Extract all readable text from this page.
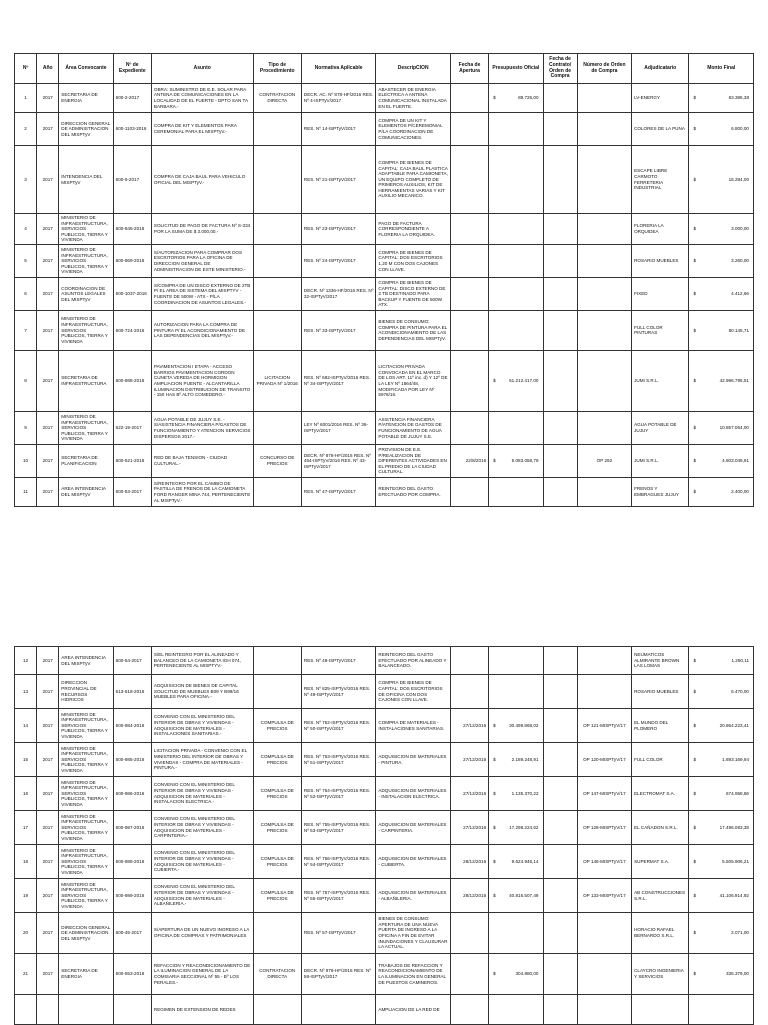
Nº	Año	Área Convocante	Nº de Expediente	Asunto	Tipo de Procedimiento	Normativa Aplicable	DescripCION	Fecha de Apertura	Presupuesto Oficial	Fecha de Contrato/ Orden de Compra	Número de Orden de Compra	Adjudicatario	Monto Final
1	2017	SECRETARIA DE ENERGIA	600-2-2017	OBRA: SUMINISTRO DE E.E. SOLAR PARA ANTENA DE COMUNICACIONES EN LA LOCALIDAD DE EL FUERTE - DPTO SAN TA BARBARA.-	CONTRATACION DIRECTA	DECR. AC. Nº 878-HF/2016 RES. Nº 4-ISPTyV/2017	ABASTECER DE ENERGIA ELECTRICA A ANTENA COMUNICACIONAL INSTALADA EN EL FUERTE.		$ 89.725,00			LV-ENERGY	$ 63.386,38

2	2017	DIRECCION GENERAL DE ADMINISTRACION DEL MISPTyV	600-1103-2016	COMPRA DE KIT Y ELEMENTOS PARA CEREMONIAL PARA EL MISPTyV.-		RES. Nº 14-ISPTyV/2017	COMPRA DE UN KIT Y ELEMENTOS P/CEREMONIAL P/LA COORDINACION DE COMUNICACIONES.					COLORES DE LA PUNA	$ 6.800,00

3	2017	INTENDENCIA DEL MISPTyV	600-6-2017	COMPRA DE CAJA BAUL PARA VEHICULO OFICIAL DEL MISPTyV.-		RES. Nº 21-ISPTyV/2017	COMPRA DE BIENES DE CAPITAL: CAJA BAUL PLASTICA ADAPTABLE PARA CAMIONETA, UN EQUIPO COMPLETO DE PRIMEROS AUXILIOS, KIT DE HERRAMIENTAS VARIAS Y KIT AUXILIO MECANICO.					ESCAPE LIBRE CARMOTO FERRETERIA INDUSTRIAL	$ 16.284,00

4	2017	MINISTERIO DE INFRAESTRUCTURA, SERVICIOS PUBLICOS, TIERRA Y VIVIENDA	600-845-2016	SOLICITUD DE PAGO DE FACTURA Nº S-334 POR LA SUMA DE $ 3.000,00.-		RES. Nº 23-ISPTyV/2017	PAGO DE FACTURA CORRESPONDIENTE A FLORERIA LA ORQUIDEA.					FLORERIA LA ORQUIDEA	$ 3.000,00

5	2017	MINISTERIO DE INFRAESTRUCTURA, SERVICIOS PUBLICOS, TIERRA Y VIVIENDA	600-869-2016	S/AUTORIZACION PARA COMPRAR DOS ESCRITORIOS PARA LA OFICINA DE DIRECCION GENERAL DE ADMINISTRACION DE ESTE MINISTERIO.-		RES. Nº 24-ISPTyV/2017	COMPRA DE BIENES DE CAPITAL: DOS ESCRITORIOS 1,20 M CON DOS CAJONES CON LLAVE.					ROSARIO MUEBLES	$ 3.260,00

6	2017	COORDINACION DE ASUNTOS LEGALES DEL MISPTyV	600-1037-2016	S/COMPRA DE UN DISCO EXTERNO DE 2TB P/ EL AREA DE SISTEMA DEL MISPTYV - FUENTE DE 500W - ATX - P/LA COORDINACION DE ASUNTOS LEGALES.-		DECR. Nº 1336-HF/2016 RES. Nº 32-ISPTyV/2017	COMPRA DE BIENES DE CAPITAL: DISCO EXTERNO DE 2 TB DESTINADO PARA BACKUP Y FUENTE DE 500W ATX.					FIXED	$ 4.412,66

7	2017	MINISTERIO DE INFRAESTRUCTURA, SERVICIOS PUBLICOS, TIERRA Y VIVIENDA	600-724-2016	AUTORIZACION PARA LA COMPRA DE PINTURA P/ EL ACONDICIONAMIENTO DE LAS DEPENDENCIAS DEL MISPTyV.-		RES. Nº 33-ISPTyV/2017	BIENES DE CONSUMO: COMPRA DE PINTURA PARA EL ACONDICIONAMIENTO DE LAS DEPENDENCIAS DEL MISPTyV.					FULL COLOR PINTURAS	$ 80.145,71

8	2017	SECRETARIA DE INFRAESTRUCTURA	600-888-2016	PAVIMENTACION I ETAPA - ACCESO BARRIOS PAVIMENTACION CORDON CUNETA VEREDA DE HORMIGON AMPLIACION PUENTE - ALCANTARILLA ILUMINACION DISTRIBUCION DE TRANSITO - 150 HAS Bº ALTO COMEDERO.-	LICITACION PRIVADA Nº 1/2016	RES. Nº 682-ISPTyV/2016 RES. Nº 34-ISPTyV/2017	LICITACION PRIVADA CONVOCADA EN EL MARCO DE LOS ART. 11º inc. d) Y 12º DE LA LEY Nº 1864/48, MODIFICADA POR LEY Nº 5978/16.		$ 51.212.417,00			JUMI S.R.L.	$ 42.996.795,51

9	2017	MINISTERIO DE INFRAESTRUCTURA, SERVICIOS PUBLICOS, TIERRA Y VIVIENDA	622-19-2017	AGUA POTABLE DE JUJUY S.E. - S/ASISTENCIA FINANCIERA P/GASTOS DE FUNCIONAMIENTO Y ATENCION SERVICIOS DISPERSOS 2017.-		LEY Nº 6001/2016 RES. Nº 36-ISPTyV/2017	ASISTENCIA FINANCIERA P/ATENCION DE GASTOS DE FUNCIONAMIENTO DE AGUA POTABLE DE JUJUY S.E.					AGUA POTABLE DE JUJUY	$ 10.857.064,00

10	2017	SECRETARIA DE PLANIFICACION	600-521-2016	RED DE BAJA TENSION - CIUDAD CULTURAL.-	CONCURSO DE PRECIOS	DECR. Nº 878-HF/2016 RES. Nº 454-ISPTyV/2016 RES. Nº 43-ISPTyV/2017	PROVISION DE E.E. P/REALIZACION DE DIFERENTES ACTIVIDADES EN EL PREDIO DE LA CIUDAD CULTURAL.	22/8/2016	$ 5.083.058,78		OP 292	JUMI S.R.L.	$ 4.803.049,91

11	2017	AREA INTENDENCIA DEL MISPTyV	600-53-2017	S/REINTEGRO POR EL CAMBIO DE PASTILLA DE FRENOS DE LA CAMIONETA FORD RANGER MINA 744, PERTENECIENTE AL MISPTyV.-		RES. Nº 47-ISPTyV/2017	REINTEGRO DEL GASTO EFECTUADO POR COMPRA.					FRENOS Y EMBRAGUES JUJUY	$ 2.400,00
12	2017	AREA INTENDENCIA DEL MISPTyV	600-54-2017	S/EL REINTEGRO POR EL ALINEADO Y BALANCEO DE LA CAMIONETA IGH 074, PERTENECIENTE AL MISPTYV.-		RES. Nº 48-ISPTyV/2017	REINTEGRO DEL GASTO EFECTUADO POR ALINEADO Y BALANCEADO.					NEUMATICOS ALMIRANTE BROWN LAS LOMAS	$ 1.250,11

13	2017	DIRECCION PROVINCIAL DE RECURSOS HIDRICOS	613-518-2016	ADQUISICION DE BIENES DE CAPITAL SOLICITUD DE MUEBLES B09 Y B99/16 MUEBLES PARA OFICINA.-		RES. Nº 825-ISPTyV/2016 RES. Nº 49-ISPTyV/2017	COMPRA DE BIENES DE CAPITAL: DOS ESCRITORIOS DE OFICINA CON DOS CAJONES CON LLAVE.					ROSARIO MUEBLES	$ 6.470,00

14	2017	MINISTERIO DE INFRAESTRUCTURA, SERVICIOS PUBLICOS, TIERRA Y VIVIENDA	600-984-2016	CONVENIO CON EL MINISTERIO DEL INTERIOR DE OBRAS Y VIVIENDAS - ADQUISICION DE MATERIALES - INSTALACIONES SANITARIAS.-	COMPULSA DE PRECIOS	RES. Nº 752-ISPTyV/2016 RES. Nº 50-ISPTyV/2017	COMPRA DE MATERIALES - INSTALACIONES SANITARIAS.	27/12/2016	$ 30.499.868,02		OP 121-MISPTyV/17	EL MUNDO DEL PLOMERO	$ 20.864.223,41

15	2017	MINISTERIO DE INFRAESTRUCTURA, SERVICIOS PUBLICOS, TIERRA Y VIVIENDA	600-985-2016	LICITACION PRIVADA - CONVENIO CON EL MINISTERIO DEL INTERIOR DE OBRAS Y VIVIENDAS - COMPRA DE MATERIALES - PINTURA.-	COMPULSA DE PRECIOS	RES. Nº 753-ISPTyV/2016 RES. Nº 51-ISPTyV/2017	ADQUISICION DE MATERIALES - PINTURA.	27/12/2016	$ 2.189.248,91		OP 120-MISPTyV/17	FULL COLOR	$ 1.893.169,94

16	2017	MINISTERIO DE INFRAESTRUCTURA, SERVICIOS PUBLICOS, TIERRA Y VIVIENDA	600-986-2016	CONVENIO CON EL MINISTERIO DEL INTERIOR DE OBRAS Y VIVIENDAS - ADQUISICION DE MATERIALES - INSTALACION ELECTRICA.-	COMPULSA DE PRECIOS	RES. Nº 754-ISPTyV/2016 RES. Nº 52-ISPTyV/2017	ADQUISICION DE MATERIALES - INSTALACION ELECTRICA.	27/12/2016	$ 1.135.370,22		OP 147-MISPTyV/17	ELECTROMAT S.A.	$ 674.958,86

17	2017	MINISTERIO DE INFRAESTRUCTURA, SERVICIOS PUBLICOS, TIERRA Y VIVIENDA	600-987-2016	CONVENIO CON EL MINISTERIO DEL INTERIOR DE OBRAS Y VIVIENDAS - ADQUISICION DE MATERIALES - CARPINTERIA.-	COMPULSA DE PRECIOS	RES. Nº 755-ISPTyV/2016 RES. Nº 53-ISPTyV/2017	ADQUISICION DE MATERIALES - CARPINTERIA.	27/12/2016	$ 17.298.224,62		OP 128-MISPTyV/17	EL CAÑADON S.R.L.	$ 17.496.083,38

18	2017	MINISTERIO DE INFRAESTRUCTURA, SERVICIOS PUBLICOS, TIERRA Y VIVIENDA	600-988-2016	CONVENIO CON EL MINISTERIO DEL INTERIOR DE OBRAS Y VIVIENDAS - ADQUISICION DE MATERIALES - CUBIERTA.-	COMPULSA DE PRECIOS	RES. Nº 756-ISPTyV/2016 RES. Nº 54-ISPTyV/2017	ADQUISICION DE MATERIALES - CUBIERTA.	28/12/2016	$ 9.624.946,14		OP 146-MISPTyV/17	SUPERMAT S.A.	$ 5.505.906,21

19	2017	MINISTERIO DE INFRAESTRUCTURA, SERVICIOS PUBLICOS, TIERRA Y VIVIENDA	600-989-2016	CONVENIO CON EL MINISTERIO DEL INTERIOR DE OBRAS Y VIVIENDAS - ADQUISICION DE MATERIALES - ALBAÑILERIA.-	COMPULSA DE PRECIOS	RES. Nº 757-ISPTyV/2016 RES. Nº 55-ISPTyV/2017	ADQUISICION DE MATERIALES - ALBAÑILERIA.	28/12/2016	$ 40.816.507,49		OP 133-MISPTyV/17	AB CONSTRUCCIONES S.R.L.	$ 41.106.914,92

20	2017	DIRECCION GENERAL DE ADMINISTRACION DEL MISPTyV	600-45-2017	S/APERTURA DE UN NUEVO INGRESO A LA OFICINA DE COMPRAS Y PATRIMONIALES		RES. Nº 57-ISPTyV/2017	BIENES DE CONSUMO: APERTURA DE UNA NUEVA PUERTA DE INGRESO A LA OFICINA A FIN DE EVITAR INUNDACIONES Y CLAUSURAR LA ACTUAL.					HORACIO RAFAEL BERNARDO S.R.L.	$ 2.071,00

21	2017	SECRETARIA DE ENERGIA	600-553-2016	REFACCION Y REACONDICIONAMIENTO DE LA ILUMINACION GENERAL DE LA COMISARIA SECCIONAL Nº 55 - Bº LOS PERALES.-	CONTRATACION DIRECTA	DECR. Nº 878-HF/2016 RES. Nº 58-ISPTyV/2017	TRABAJOS DE REFACCION Y REACONDICIONAMIENTO DE LA ILUMINACION EN GENERAL DE PUESTOS CAMINEROS.		$ 304.880,00			CLAYCRO INGENIERIA Y SERVICIOS	$ 335.379,00

				REGIMEN DE EXTENSION DE REDES			AMPLIACION DE LA RED DE						
